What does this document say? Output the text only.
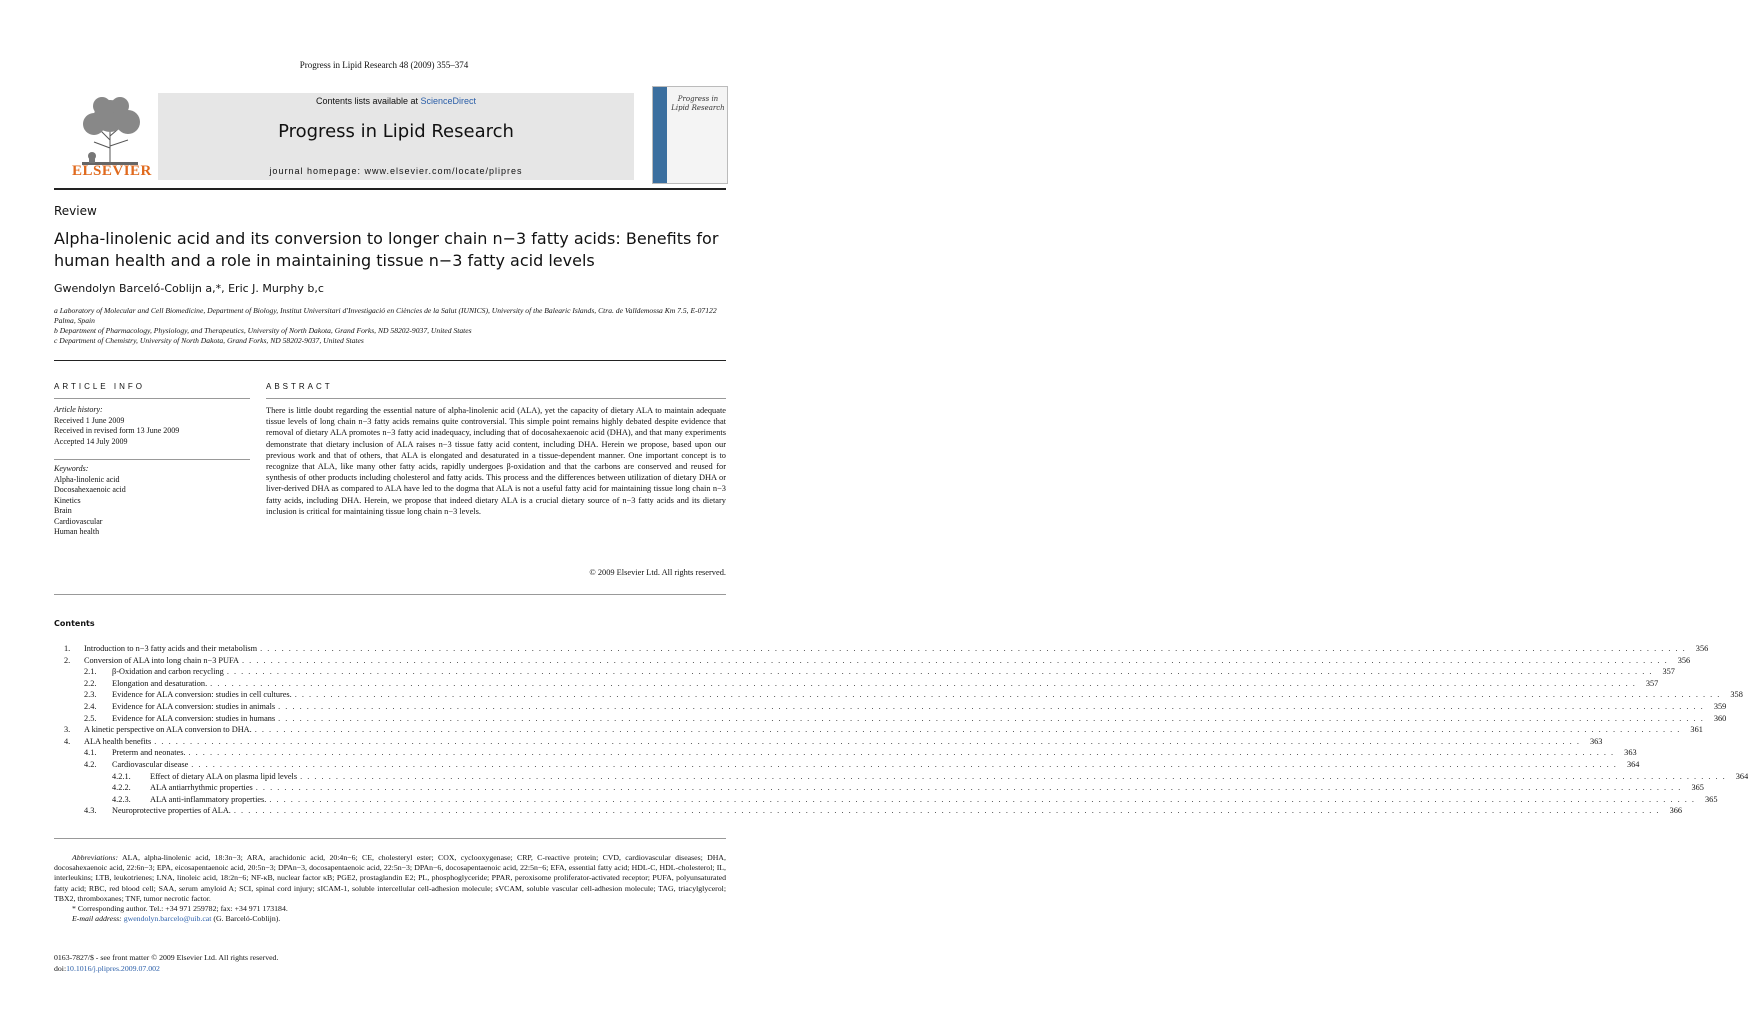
Progress in Lipid Research 48 (2009) 355–374
ELSEVIER
Contents lists available at ScienceDirect
Progress in Lipid Research
journal homepage: www.elsevier.com/locate/plipres
Progress in Lipid Research
Review
Alpha-linolenic acid and its conversion to longer chain n−3 fatty acids: Benefits for human health and a role in maintaining tissue n−3 fatty acid levels
Gwendolyn Barceló-Coblijn a,*, Eric J. Murphy b,c
a Laboratory of Molecular and Cell Biomedicine, Department of Biology, Institut Universitari d'Investigació en Ciències de la Salut (IUNICS), University of the Balearic Islands, Ctra. de Valldemossa Km 7.5, E-07122 Palma, Spain
b Department of Pharmacology, Physiology, and Therapeutics, University of North Dakota, Grand Forks, ND 58202-9037, United States
c Department of Chemistry, University of North Dakota, Grand Forks, ND 58202-9037, United States
ARTICLE INFO
Article history:
Received 1 June 2009
Received in revised form 13 June 2009
Accepted 14 July 2009
Keywords:
Alpha-linolenic acid
Docosahexaenoic acid
Kinetics
Brain
Cardiovascular
Human health
ABSTRACT
There is little doubt regarding the essential nature of alpha-linolenic acid (ALA), yet the capacity of dietary ALA to maintain adequate tissue levels of long chain n−3 fatty acids remains quite controversial. This simple point remains highly debated despite evidence that removal of dietary ALA promotes n−3 fatty acid inadequacy, including that of docosahexaenoic acid (DHA), and that many experiments demonstrate that dietary inclusion of ALA raises n−3 tissue fatty acid content, including DHA. Herein we propose, based upon our previous work and that of others, that ALA is elongated and desaturated in a tissue-dependent manner. One important concept is to recognize that ALA, like many other fatty acids, rapidly undergoes β-oxidation and that the carbons are conserved and reused for synthesis of other products including cholesterol and fatty acids. This process and the differences between utilization of dietary DHA or liver-derived DHA as compared to ALA have led to the dogma that ALA is not a useful fatty acid for maintaining tissue long chain n−3 fatty acids, including DHA. Herein, we propose that indeed dietary ALA is a crucial dietary source of n−3 fatty acids and its dietary inclusion is critical for maintaining tissue long chain n−3 levels.
© 2009 Elsevier Ltd. All rights reserved.
Contents
1.	Introduction to n−3 fatty acids and their metabolism . . . . . . . . . . . . . . . . . . . . . . . . . . . . . . . . . . . . . . . . . . . . . . . . . . . . . . . . . . . . . . . . . . . . . . . . . . . . . . . . . . . . . . . . . . . . . . . . . . . . . . . . . . . . . . . . . . . . . . . . . . . . . . . . . . . . . . . . . . . . . . . . . . . . . . . . . . . . . . . . . . . . . . . . . . . . . . . . . . . . . . . . . . . . . . . . . . . . . . . .	356
2.	Conversion of ALA into long chain n−3 PUFA . . . . . . . . . . . . . . . . . . . . . . . . . . . . . . . . . . . . . . . . . . . . . . . . . . . . . . . . . . . . . . . . . . . . . . . . . . . . . . . . . . . . . . . . . . . . . . . . . . . . . . . . . . . . . . . . . . . . . . . . . . . . . . . . . . . . . . . . . . . . . . . . . . . . . . . . . . . . . . . . . . . . . . . . . . . . . . . . . . . . . . . . . . . . . . . . . . . . . . . .	356
2.1.	β-Oxidation and carbon recycling . . . . . . . . . . . . . . . . . . . . . . . . . . . . . . . . . . . . . . . . . . . . . . . . . . . . . . . . . . . . . . . . . . . . . . . . . . . . . . . . . . . . . . . . . . . . . . . . . . . . . . . . . . . . . . . . . . . . . . . . . . . . . . . . . . . . . . . . . . . . . . . . . . . . . . . . . . . . . . . . . . . . . . . . . . . . . . . . . . . . . . . . . . . . . . . . . . . . . . . .	357
2.2.	Elongation and desaturation. . . . . . . . . . . . . . . . . . . . . . . . . . . . . . . . . . . . . . . . . . . . . . . . . . . . . . . . . . . . . . . . . . . . . . . . . . . . . . . . . . . . . . . . . . . . . . . . . . . . . . . . . . . . . . . . . . . . . . . . . . . . . . . . . . . . . . . . . . . . . . . . . . . . . . . . . . . . . . . . . . . . . . . . . . . . . . . . . . . . . . . . . . . . . . . . . . . . . . . . .	357
2.3.	Evidence for ALA conversion: studies in cell cultures. . . . . . . . . . . . . . . . . . . . . . . . . . . . . . . . . . . . . . . . . . . . . . . . . . . . . . . . . . . . . . . . . . . . . . . . . . . . . . . . . . . . . . . . . . . . . . . . . . . . . . . . . . . . . . . . . . . . . . . . . . . . . . . . . . . . . . . . . . . . . . . . . . . . . . . . . . . . . . . . . . . . . . . . . . . . . . . . . . . . . . . . . . . . . . . . . . . . . . . . .	358
2.4.	Evidence for ALA conversion: studies in animals . . . . . . . . . . . . . . . . . . . . . . . . . . . . . . . . . . . . . . . . . . . . . . . . . . . . . . . . . . . . . . . . . . . . . . . . . . . . . . . . . . . . . . . . . . . . . . . . . . . . . . . . . . . . . . . . . . . . . . . . . . . . . . . . . . . . . . . . . . . . . . . . . . . . . . . . . . . . . . . . . . . . . . . . . . . . . . . . . . . . . . . . . . . . . . . . . . . . . . . .	359
2.5.	Evidence for ALA conversion: studies in humans . . . . . . . . . . . . . . . . . . . . . . . . . . . . . . . . . . . . . . . . . . . . . . . . . . . . . . . . . . . . . . . . . . . . . . . . . . . . . . . . . . . . . . . . . . . . . . . . . . . . . . . . . . . . . . . . . . . . . . . . . . . . . . . . . . . . . . . . . . . . . . . . . . . . . . . . . . . . . . . . . . . . . . . . . . . . . . . . . . . . . . . . . . . . . . . . . . . . . . . .	360
3.	A kinetic perspective on ALA conversion to DHA. . . . . . . . . . . . . . . . . . . . . . . . . . . . . . . . . . . . . . . . . . . . . . . . . . . . . . . . . . . . . . . . . . . . . . . . . . . . . . . . . . . . . . . . . . . . . . . . . . . . . . . . . . . . . . . . . . . . . . . . . . . . . . . . . . . . . . . . . . . . . . . . . . . . . . . . . . . . . . . . . . . . . . . . . . . . . . . . . . . . . . . . . . . . . . . . . . . . . . . . .	361
4.	ALA health benefits . . . . . . . . . . . . . . . . . . . . . . . . . . . . . . . . . . . . . . . . . . . . . . . . . . . . . . . . . . . . . . . . . . . . . . . . . . . . . . . . . . . . . . . . . . . . . . . . . . . . . . . . . . . . . . . . . . . . . . . . . . . . . . . . . . . . . . . . . . . . . . . . . . . . . . . . . . . . . . . . . . . . . . . . . . . . . . . . . . . . . . . . . . . . . . . . . . . . . . . .	363
4.1.	Preterm and neonates. . . . . . . . . . . . . . . . . . . . . . . . . . . . . . . . . . . . . . . . . . . . . . . . . . . . . . . . . . . . . . . . . . . . . . . . . . . . . . . . . . . . . . . . . . . . . . . . . . . . . . . . . . . . . . . . . . . . . . . . . . . . . . . . . . . . . . . . . . . . . . . . . . . . . . . . . . . . . . . . . . . . . . . . . . . . . . . . . . . . . . . . . . . . . . . . . . . . . . . . .	363
4.2.	Cardiovascular disease . . . . . . . . . . . . . . . . . . . . . . . . . . . . . . . . . . . . . . . . . . . . . . . . . . . . . . . . . . . . . . . . . . . . . . . . . . . . . . . . . . . . . . . . . . . . . . . . . . . . . . . . . . . . . . . . . . . . . . . . . . . . . . . . . . . . . . . . . . . . . . . . . . . . . . . . . . . . . . . . . . . . . . . . . . . . . . . . . . . . . . . . . . . . . . . . . . . . . . . .	364
4.2.1.	Effect of dietary ALA on plasma lipid levels . . . . . . . . . . . . . . . . . . . . . . . . . . . . . . . . . . . . . . . . . . . . . . . . . . . . . . . . . . . . . . . . . . . . . . . . . . . . . . . . . . . . . . . . . . . . . . . . . . . . . . . . . . . . . . . . . . . . . . . . . . . . . . . . . . . . . . . . . . . . . . . . . . . . . . . . . . . . . . . . . . . . . . . . . . . . . . . . . . . . . . . . . . . . . . . . . . . . . . . .	364
4.2.2.	ALA antiarrhythmic properties . . . . . . . . . . . . . . . . . . . . . . . . . . . . . . . . . . . . . . . . . . . . . . . . . . . . . . . . . . . . . . . . . . . . . . . . . . . . . . . . . . . . . . . . . . . . . . . . . . . . . . . . . . . . . . . . . . . . . . . . . . . . . . . . . . . . . . . . . . . . . . . . . . . . . . . . . . . . . . . . . . . . . . . . . . . . . . . . . . . . . . . . . . . . . . . . . . . . . . . .	365
4.2.3.	ALA anti-inflammatory properties. . . . . . . . . . . . . . . . . . . . . . . . . . . . . . . . . . . . . . . . . . . . . . . . . . . . . . . . . . . . . . . . . . . . . . . . . . . . . . . . . . . . . . . . . . . . . . . . . . . . . . . . . . . . . . . . . . . . . . . . . . . . . . . . . . . . . . . . . . . . . . . . . . . . . . . . . . . . . . . . . . . . . . . . . . . . . . . . . . . . . . . . . . . . . . . . . . . . . . . . .	365
4.3.	Neuroprotective properties of ALA. . . . . . . . . . . . . . . . . . . . . . . . . . . . . . . . . . . . . . . . . . . . . . . . . . . . . . . . . . . . . . . . . . . . . . . . . . . . . . . . . . . . . . . . . . . . . . . . . . . . . . . . . . . . . . . . . . . . . . . . . . . . . . . . . . . . . . . . . . . . . . . . . . . . . . . . . . . . . . . . . . . . . . . . . . . . . . . . . . . . . . . . . . . . . . . . . . . . . . . . .	366
Abbreviations: ALA, alpha-linolenic acid, 18:3n−3; ARA, arachidonic acid, 20:4n−6; CE, cholesteryl ester; COX, cyclooxygenase; CRP, C-reactive protein; CVD, cardiovascular diseases; DHA, docosahexaenoic acid, 22:6n−3; EPA, eicosapentaenoic acid, 20:5n−3; DPAn−3, docosapentaenoic acid, 22:5n−3; DPAn−6, docosapentaenoic acid, 22:5n−6; EFA, essential fatty acid; HDL-C, HDL-cholesterol; IL, interleukins; LTB, leukotrienes; LNA, linoleic acid, 18:2n−6; NF-κB, nuclear factor κB; PGE2, prostaglandin E2; PL, phosphoglyceride; PPAR, peroxisome proliferator-activated receptor; PUFA, polyunsaturated fatty acid; RBC, red blood cell; SAA, serum amyloid A; SCI, spinal cord injury; sICAM-1, soluble intercellular cell-adhesion molecule; sVCAM, soluble vascular cell-adhesion molecule; TAG, triacylglycerol; TBX2, thromboxanes; TNF, tumor necrotic factor.
* Corresponding author. Tel.: +34 971 259782; fax: +34 971 173184.
E-mail address: gwendolyn.barcelo@uib.cat (G. Barceló-Coblijn).
0163-7827/$ - see front matter © 2009 Elsevier Ltd. All rights reserved.
doi:10.1016/j.plipres.2009.07.002
